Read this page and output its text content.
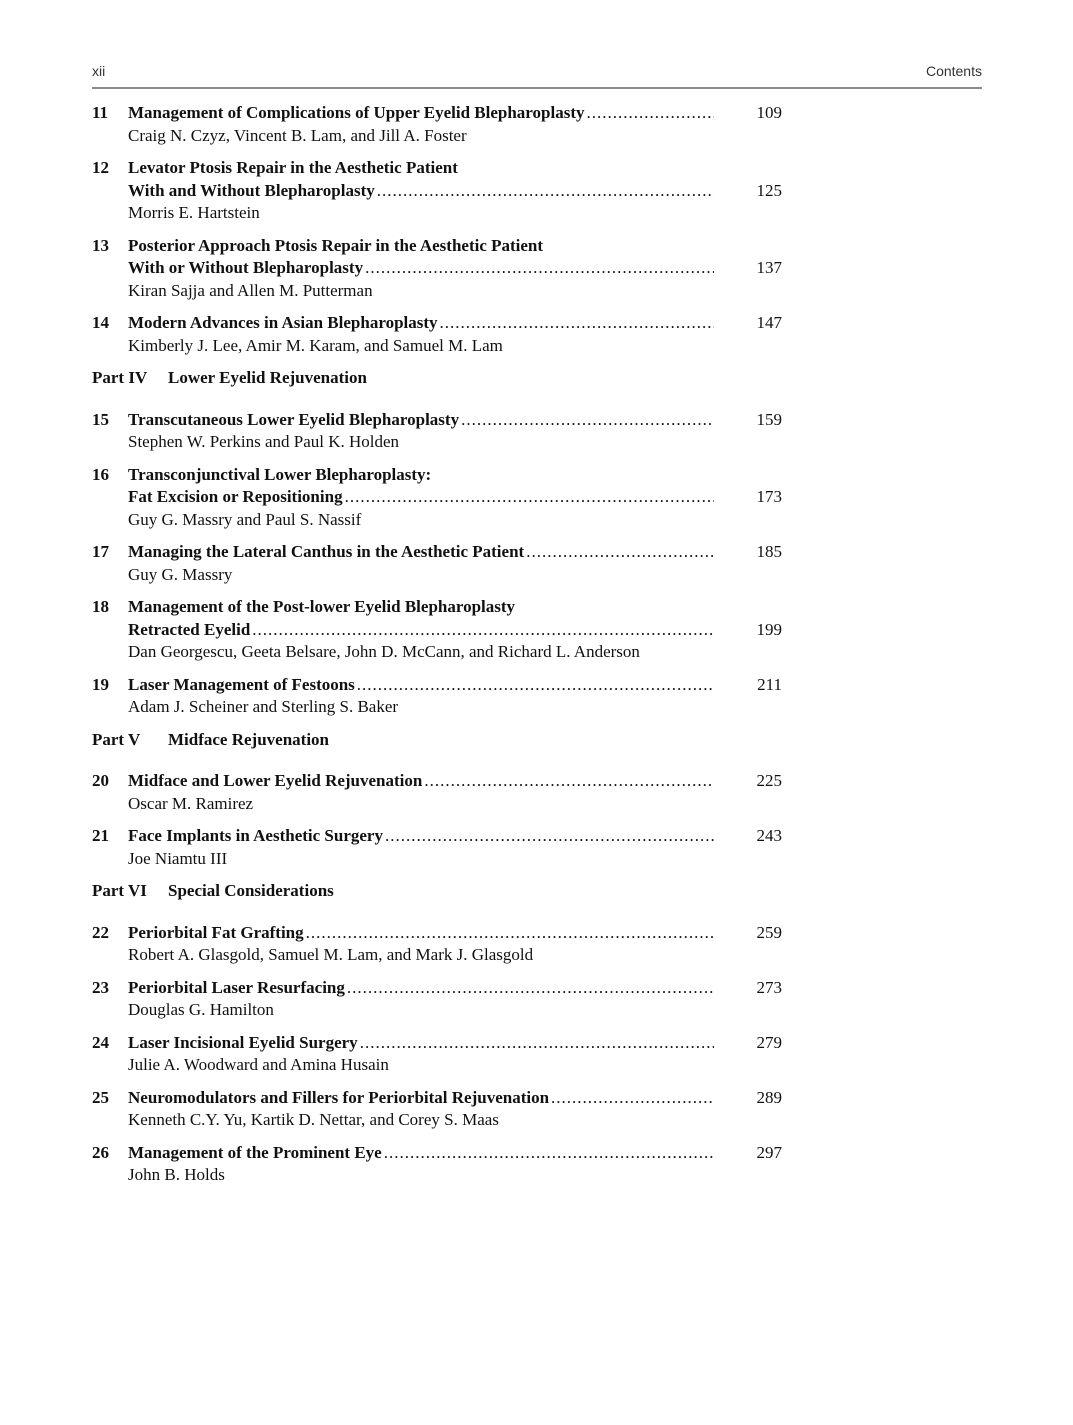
xii	Contents
11 Management of Complications of Upper Eyelid Blepharoplasty .....	109
Craig N. Czyz, Vincent B. Lam, and Jill A. Foster
12 Levator Ptosis Repair in the Aesthetic Patient
With and Without Blepharoplasty .....	125
Morris E. Hartstein
13 Posterior Approach Ptosis Repair in the Aesthetic Patient
With or Without Blepharoplasty .....	137
Kiran Sajja and Allen M. Putterman
14 Modern Advances in Asian Blepharoplasty .....	147
Kimberly J. Lee, Amir M. Karam, and Samuel M. Lam
Part IV Lower Eyelid Rejuvenation
15 Transcutaneous Lower Eyelid Blepharoplasty .....	159
Stephen W. Perkins and Paul K. Holden
16 Transconjunctival Lower Blepharoplasty:
Fat Excision or Repositioning .....	173
Guy G. Massry and Paul S. Nassif
17 Managing the Lateral Canthus in the Aesthetic Patient .....	185
Guy G. Massry
18 Management of the Post-lower Eyelid Blepharoplasty
Retracted Eyelid .....	199
Dan Georgescu, Geeta Belsare, John D. McCann, and Richard L. Anderson
19 Laser Management of Festoons .....	211
Adam J. Scheiner and Sterling S. Baker
Part V Midface Rejuvenation
20 Midface and Lower Eyelid Rejuvenation .....	225
Oscar M. Ramirez
21 Face Implants in Aesthetic Surgery .....	243
Joe Niamtu III
Part VI Special Considerations
22 Periorbital Fat Grafting .....	259
Robert A. Glasgold, Samuel M. Lam, and Mark J. Glasgold
23 Periorbital Laser Resurfacing .....	273
Douglas G. Hamilton
24 Laser Incisional Eyelid Surgery .....	279
Julie A. Woodward and Amina Husain
25 Neuromodulators and Fillers for Periorbital Rejuvenation .....	289
Kenneth C.Y. Yu, Kartik D. Nettar, and Corey S. Maas
26 Management of the Prominent Eye .....	297
John B. Holds
